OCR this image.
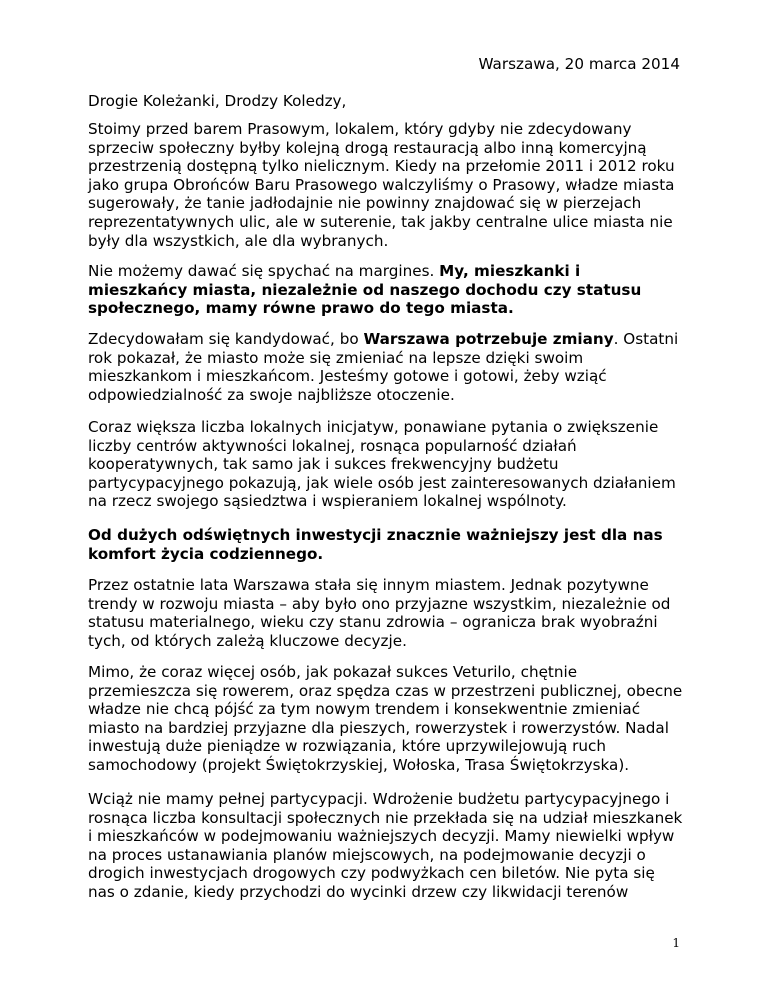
Warszawa, 20 marca 2014
Drogie Koleżanki, Drodzy Koledzy,

Stoimy przed barem Prasowym, lokalem, który gdyby nie zdecydowany
sprzeciw społeczny byłby kolejną drogą restauracją albo inną komercyjną
przestrzenią dostępną tylko nielicznym. Kiedy na przełomie 2011 i 2012 roku
jako grupa Obrońców Baru Prasowego walczyliśmy o Prasowy, władze miasta
sugerowały, że tanie jadłodajnie nie powinny znajdować się w pierzejach
reprezentatywnych ulic, ale w suterenie, tak jakby centralne ulice miasta nie
były dla wszystkich, ale dla wybranych.

Nie możemy dawać się spychać na margines. My, mieszkanki i
mieszkańcy miasta, niezależnie od naszego dochodu czy statusu
społecznego, mamy równe prawo do tego miasta.

Zdecydowałam się kandydować, bo Warszawa potrzebuje zmiany. Ostatni
rok pokazał, że miasto może się zmieniać na lepsze dzięki swoim
mieszkankom i mieszkańcom. Jesteśmy gotowe i gotowi, żeby wziąć
odpowiedzialność za swoje najbliższe otoczenie.

Coraz większa liczba lokalnych inicjatyw, ponawiane pytania o zwiększenie
liczby centrów aktywności lokalnej, rosnąca popularność działań
kooperatywnych, tak samo jak i sukces frekwencyjny budżetu
partycypacyjnego pokazują, jak wiele osób jest zainteresowanych działaniem
na rzecz swojego sąsiedztwa i wspieraniem lokalnej wspólnoty.

Od dużych odświętnych inwestycji znacznie ważniejszy jest dla nas
komfort życia codziennego.

Przez ostatnie lata Warszawa stała się innym miastem. Jednak pozytywne
trendy w rozwoju miasta – aby było ono przyjazne wszystkim, niezależnie od
statusu materialnego, wieku czy stanu zdrowia – ogranicza brak wyobraźni
tych, od których zależą kluczowe decyzje.

Mimo, że coraz więcej osób, jak pokazał sukces Veturilo, chętnie
przemieszcza się rowerem, oraz spędza czas w przestrzeni publicznej, obecne
władze nie chcą pójść za tym nowym trendem i konsekwentnie zmieniać
miasto na bardziej przyjazne dla pieszych, rowerzystek i rowerzystów. Nadal
inwestują duże pieniądze w rozwiązania, które uprzywilejowują ruch
samochodowy (projekt Świętokrzyskiej, Wołoska, Trasa Świętokrzyska).

Wciąż nie mamy pełnej partycypacji. Wdrożenie budżetu partycypacyjnego i
rosnąca liczba konsultacji społecznych nie przekłada się na udział mieszkanek
i mieszkańców w podejmowaniu ważniejszych decyzji. Mamy niewielki wpływ
na proces ustanawiania planów miejscowych, na podejmowanie decyzji o
drogich inwestycjach drogowych czy podwyżkach cen biletów. Nie pyta się
nas o zdanie, kiedy przychodzi do wycinki drzew czy likwidacji terenów

1
